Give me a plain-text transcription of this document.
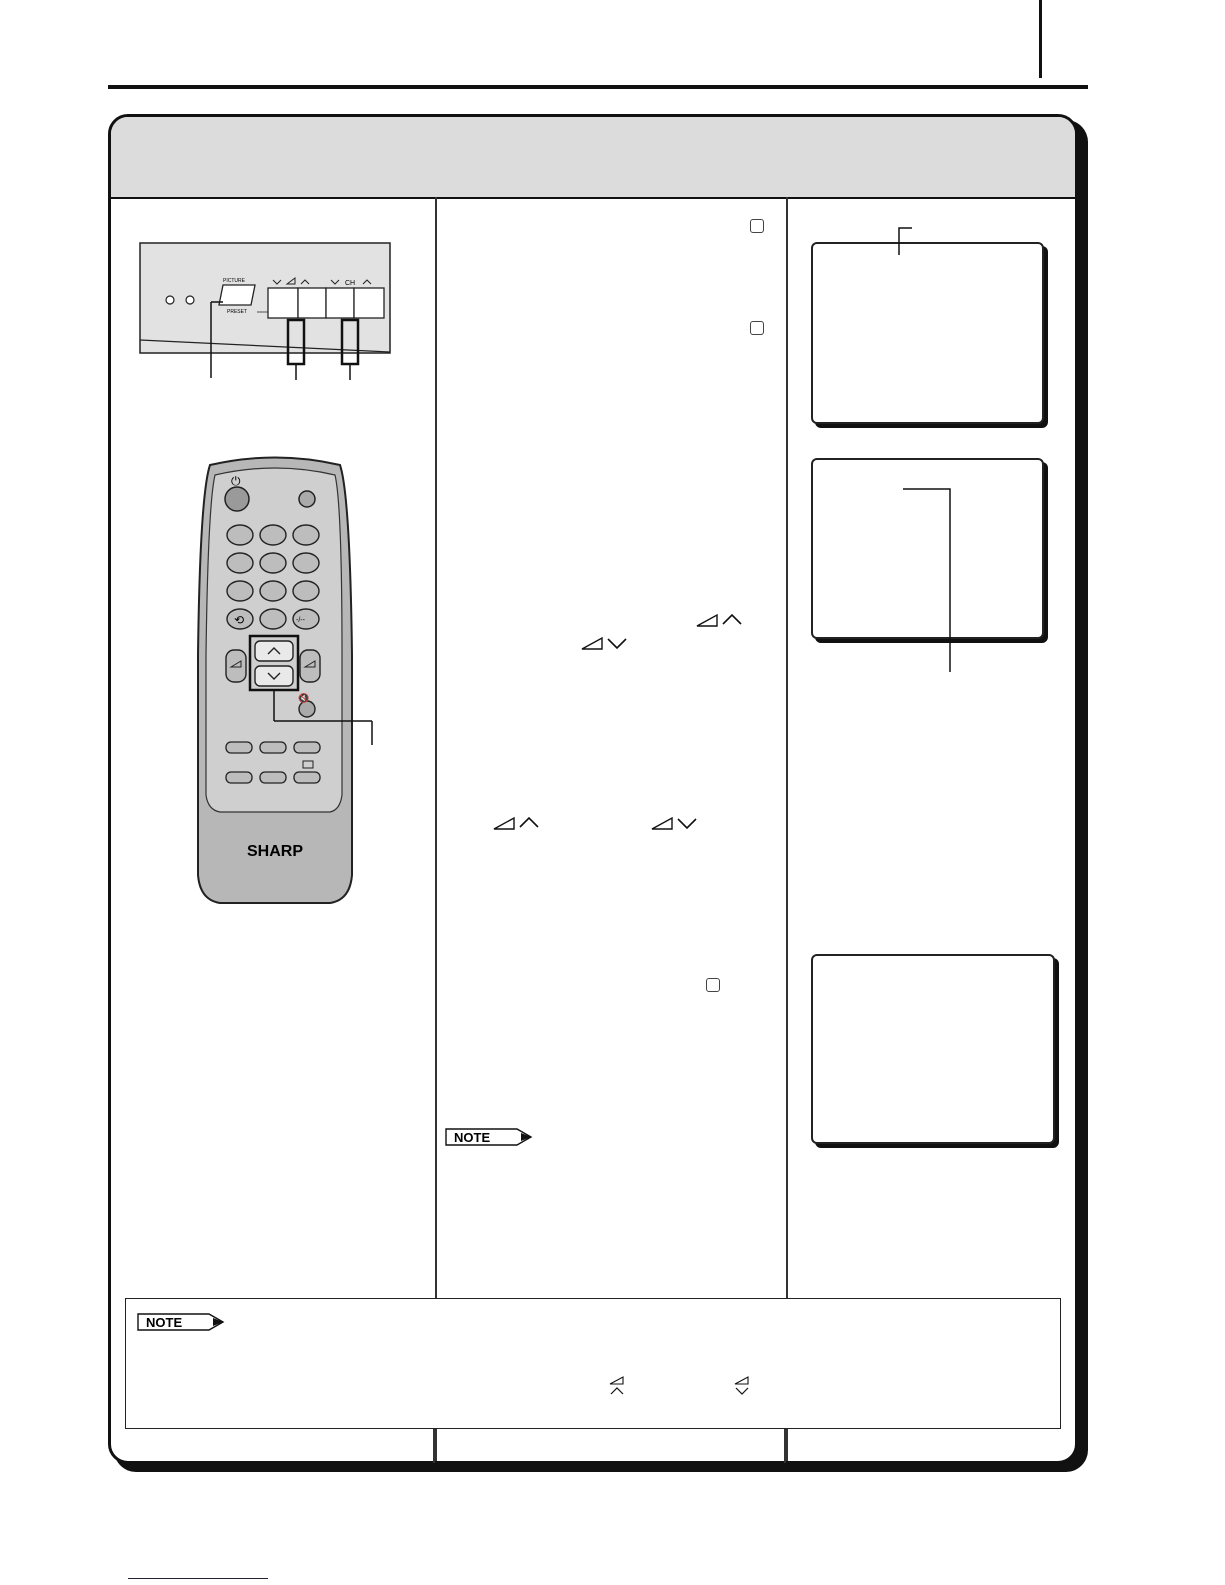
PICTURE
PRESET
CH
⏻
⟲	-/--
🔇
SHARP
NOTE
NOTE
